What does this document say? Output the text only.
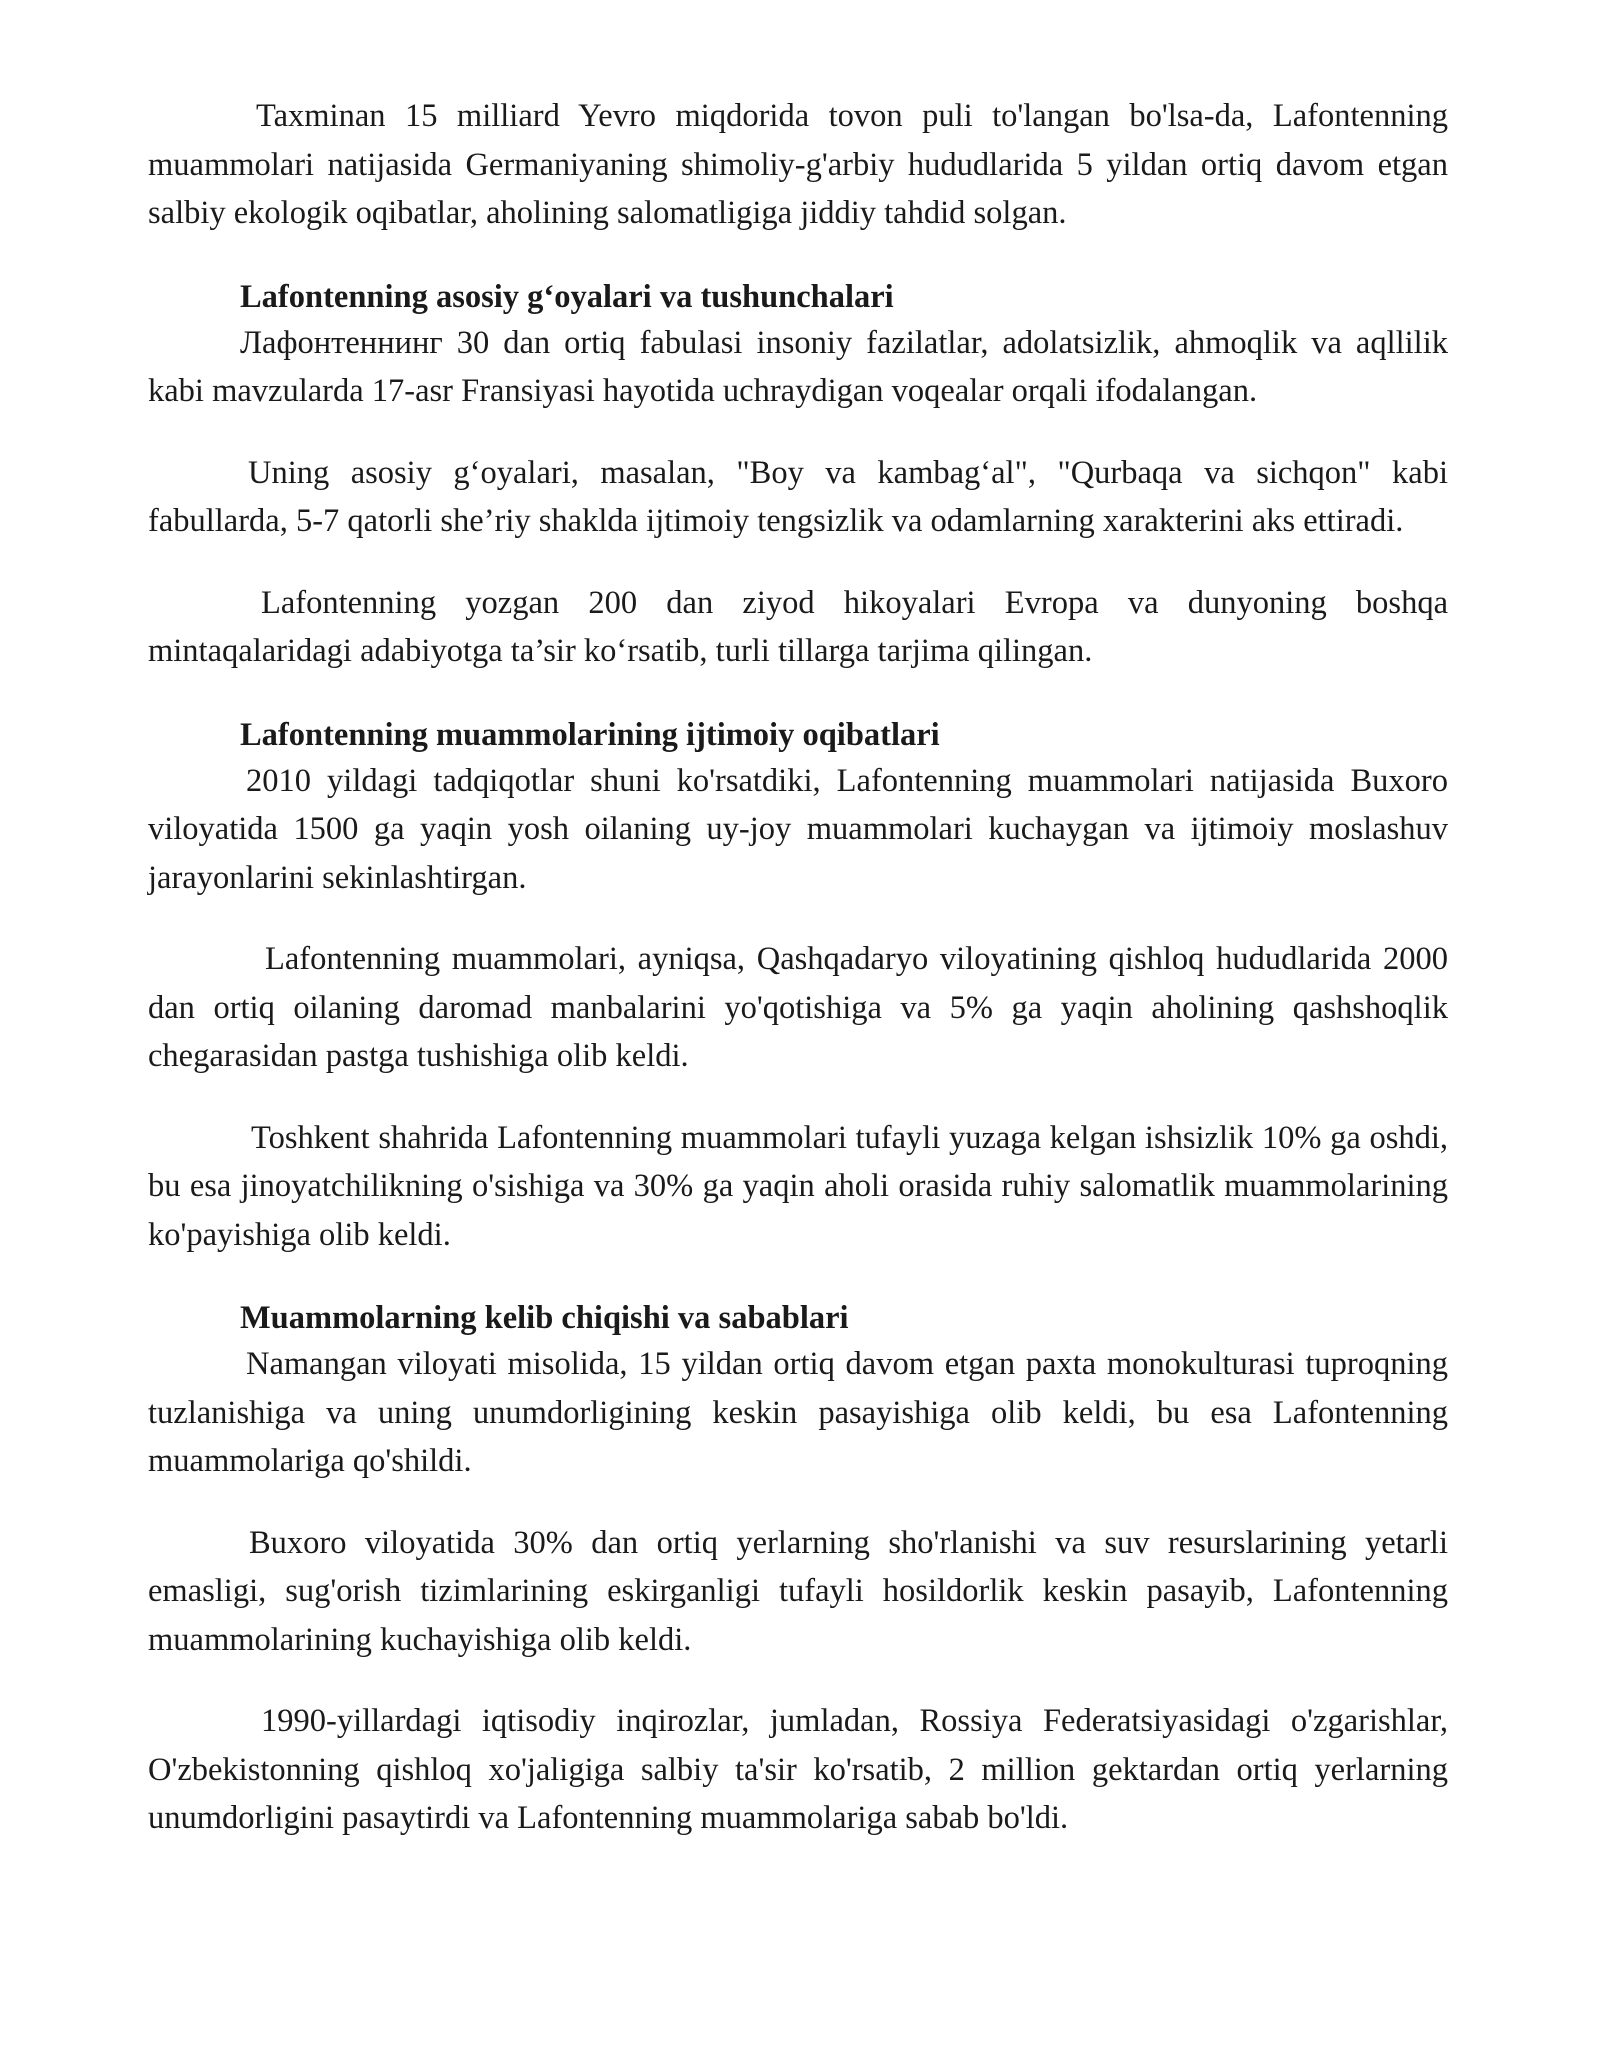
Taxminan 15 milliard Yevro miqdorida tovon puli to'langan bo'lsa-da, Lafontenning muammolari natijasida Germaniyaning shimoliy-g'arbiy hududlarida 5 yildan ortiq davom etgan salbiy ekologik oqibatlar, aholining salomatligiga jiddiy tahdid solgan.

Lafontenning asosiy g‘oyalari va tushunchalari

Лафонтеннинг 30 dan ortiq fabulasi insoniy fazilatlar, adolatsizlik, ahmoqlik va aqllilik kabi mavzularda 17-asr Fransiyasi hayotida uchraydigan voqealar orqali ifodalangan.

Uning asosiy g‘oyalari, masalan, "Boy va kambag‘al", "Qurbaqa va sichqon" kabi fabullarda, 5-7 qatorli she’riy shaklda ijtimoiy tengsizlik va odamlarning xarakterini aks ettiradi.

Lafontenning yozgan 200 dan ziyod hikoyalari Evropa va dunyoning boshqa mintaqalaridagi adabiyotga ta’sir ko‘rsatib, turli tillarga tarjima qilingan.

Lafontenning muammolarining ijtimoiy oqibatlari

2010 yildagi tadqiqotlar shuni ko'rsatdiki, Lafontenning muammolari natijasida Buxoro viloyatida 1500 ga yaqin yosh oilaning uy-joy muammolari kuchaygan va ijtimoiy moslashuv jarayonlarini sekinlashtirgan.

Lafontenning muammolari, ayniqsa, Qashqadaryo viloyatining qishloq hududlarida 2000 dan ortiq oilaning daromad manbalarini yo'qotishiga va 5% ga yaqin aholining qashshoqlik chegarasidan pastga tushishiga olib keldi.

Toshkent shahrida Lafontenning muammolari tufayli yuzaga kelgan ishsizlik 10% ga oshdi, bu esa jinoyatchilikning o'sishiga va 30% ga yaqin aholi orasida ruhiy salomatlik muammolarining ko'payishiga olib keldi.

Muammolarning kelib chiqishi va sabablari

Namangan viloyati misolida, 15 yildan ortiq davom etgan paxta monokulturasi tuproqning tuzlanishiga va uning unumdorligining keskin pasayishiga olib keldi, bu esa Lafontenning muammolariga qo'shildi.

Buxoro viloyatida 30% dan ortiq yerlarning sho'rlanishi va suv resurslarining yetarli emasligi, sug'orish tizimlarining eskirganligi tufayli hosildorlik keskin pasayib, Lafontenning muammolarining kuchayishiga olib keldi.

1990-yillardagi iqtisodiy inqirozlar, jumladan, Rossiya Federatsiyasidagi o'zgarishlar, O'zbekistonning qishloq xo'jaligiga salbiy ta'sir ko'rsatib, 2 million gektardan ortiq yerlarning unumdorligini pasaytirdi va Lafontenning muammolariga sabab bo'ldi.
